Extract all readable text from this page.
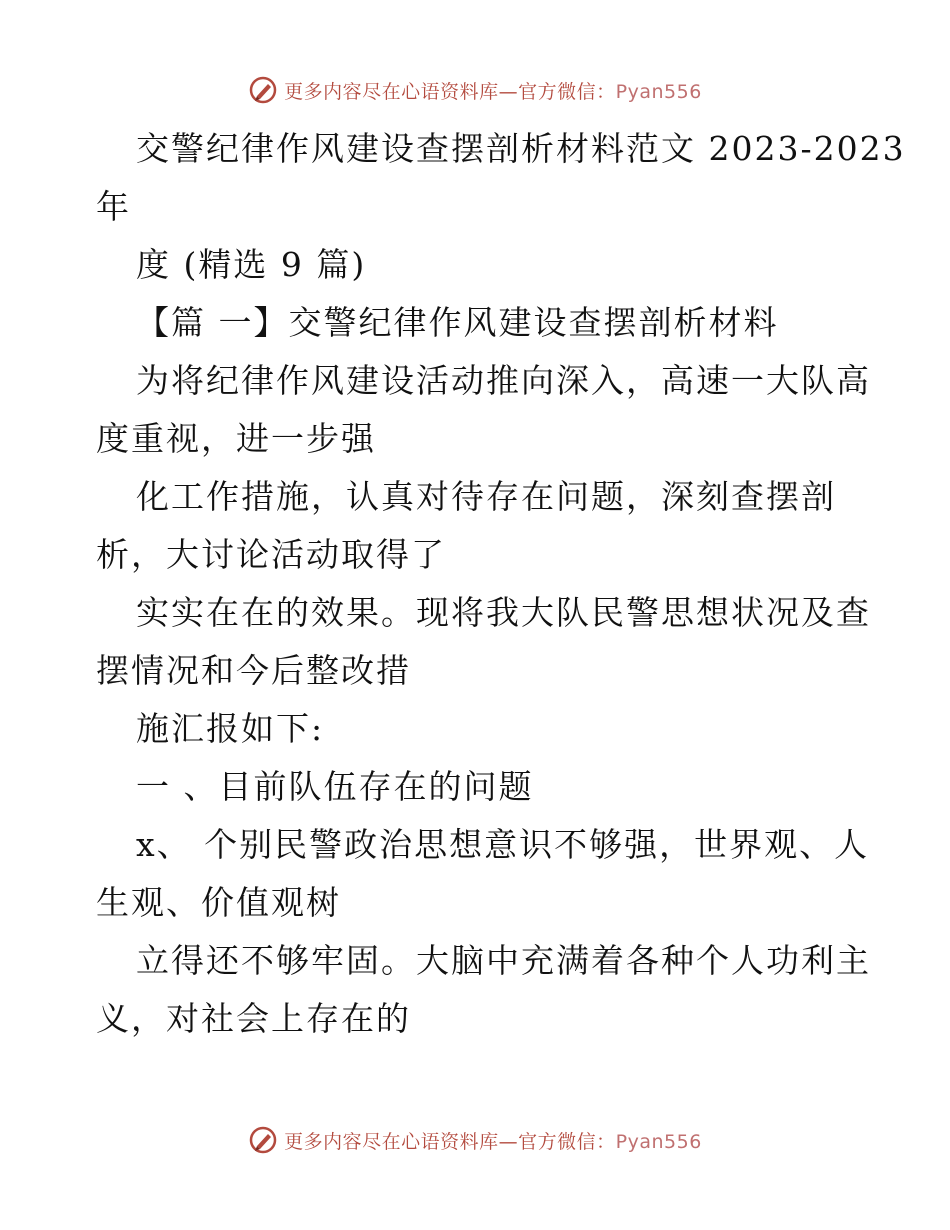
更多内容尽在心语资料库—官方微信：Pyan556

交警纪律作风建设查摆剖析材料范文 2023-2023

年

度 (精选 9 篇)

【篇 一】交警纪律作风建设查摆剖析材料

为将纪律作风建设活动推向深入，高速一大队高

度重视，进一步强

化工作措施，认真对待存在问题，深刻查摆剖

析，大讨论活动取得了

实实在在的效果。现将我大队民警思想状况及查

摆情况和今后整改措

施汇报如下:

一 、目前队伍存在的问题

x、 个别民警政治思想意识不够强，世界观、人

生观、价值观树

立得还不够牢固。大脑中充满着各种个人功利主

义，对社会上存在的

更多内容尽在心语资料库—官方微信：Pyan556
